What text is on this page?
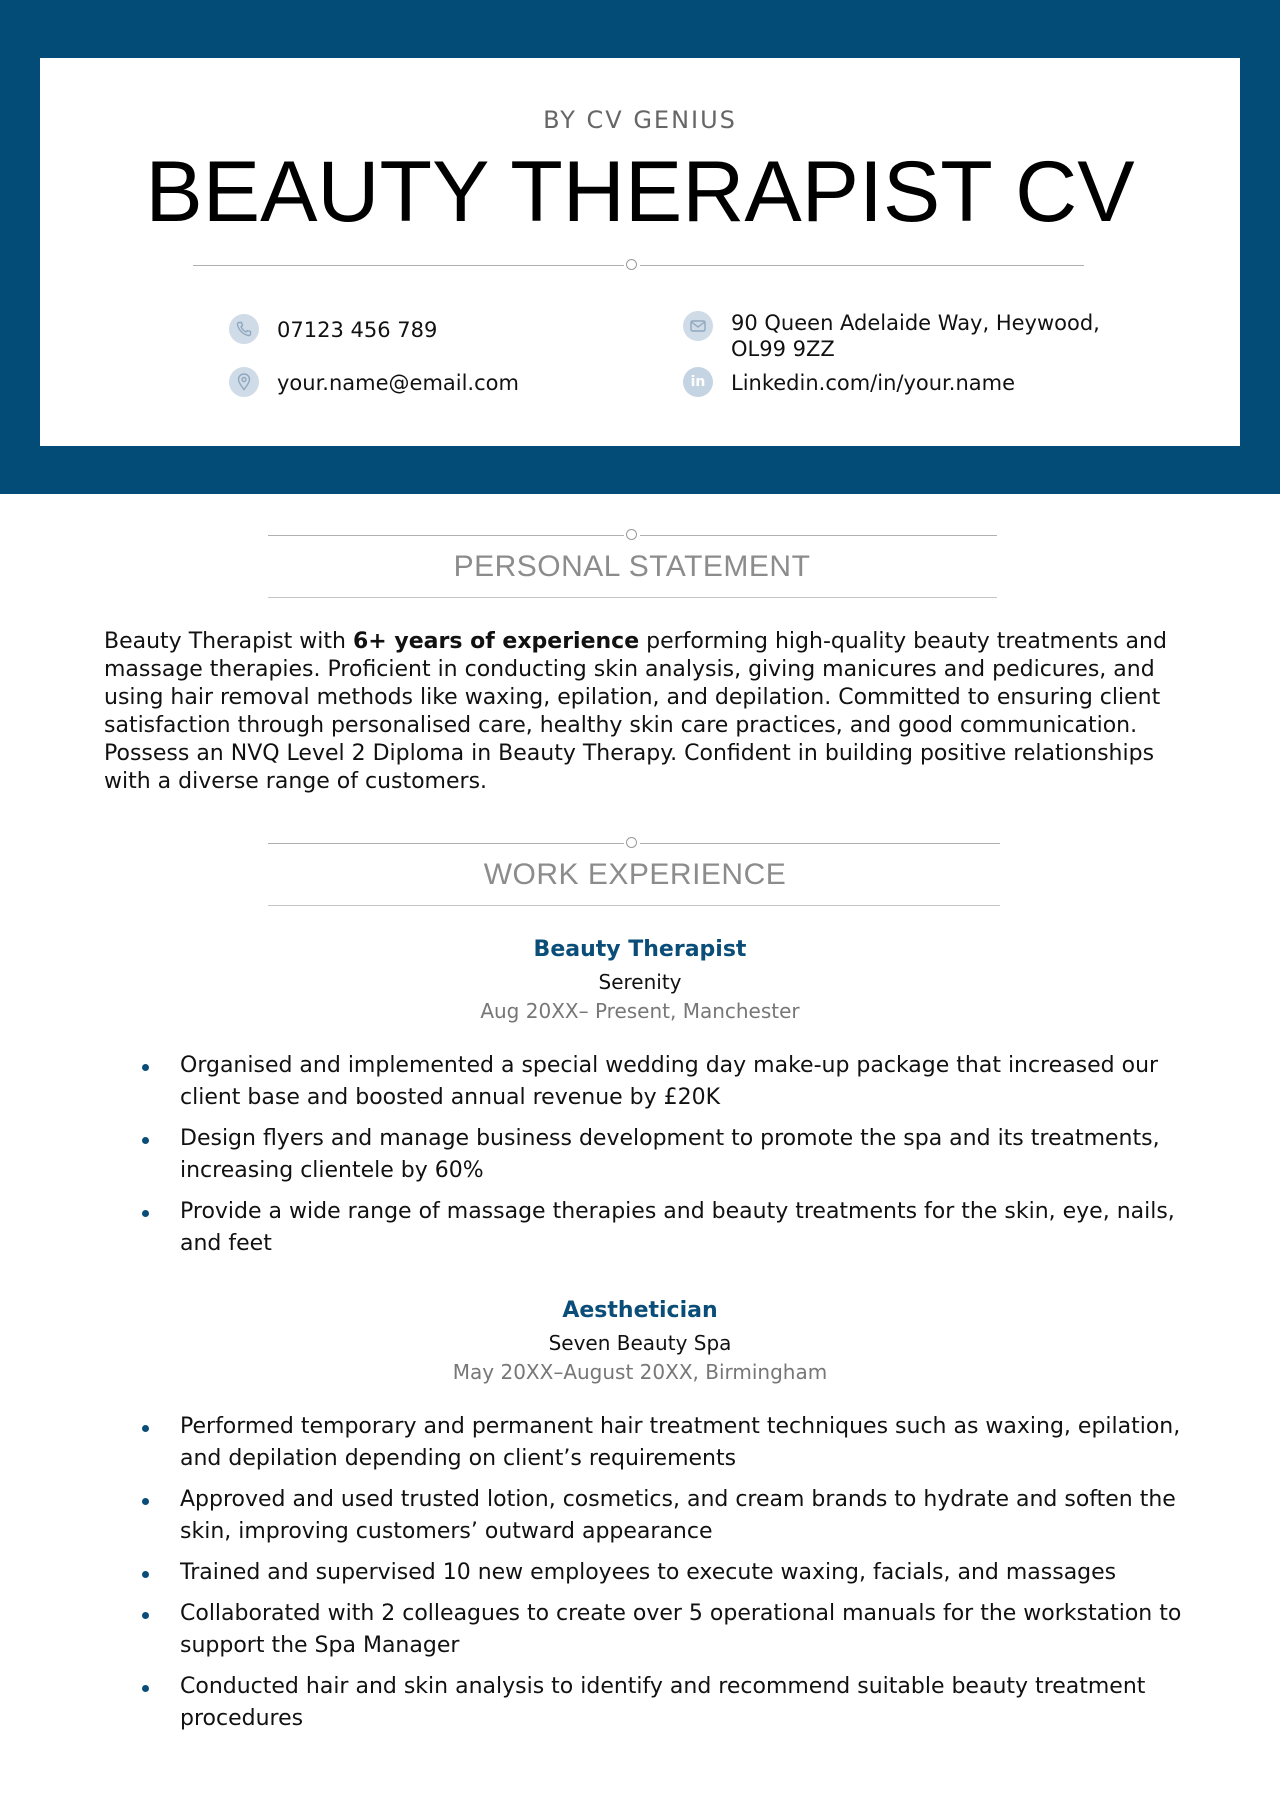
BY CV GENIUS
BEAUTY THERAPIST CV
07123 456 789
your.name@email.com
90 Queen Adelaide Way, Heywood,
OL99 9ZZ
in	Linkedin.com/in/your.name
PERSONAL STATEMENT
Beauty Therapist with 6+ years of experience performing high-quality beauty treatments and massage therapies. Proficient in conducting skin analysis, giving manicures and pedicures, and using hair removal methods like waxing, epilation, and depilation. Committed to ensuring client satisfaction through personalised care, healthy skin care practices, and good communication. Possess an NVQ Level 2 Diploma in Beauty Therapy. Confident in building positive relationships with a diverse range of customers.
WORK EXPERIENCE
Beauty Therapist
Serenity
Aug 20XX– Present, Manchester
Organised and implemented a special wedding day make-up package that increased our client base and boosted annual revenue by £20K
Design flyers and manage business development to promote the spa and its treatments, increasing clientele by 60%
Provide a wide range of massage therapies and beauty treatments for the skin, eye, nails, and feet
Aesthetician
Seven Beauty Spa
May 20XX–August 20XX, Birmingham
Performed temporary and permanent hair treatment techniques such as waxing, epilation, and depilation depending on client’s requirements
Approved and used trusted lotion, cosmetics, and cream brands to hydrate and soften the skin, improving customers’ outward appearance
Trained and supervised 10 new employees to execute waxing, facials, and massages
Collaborated with 2 colleagues to create over 5 operational manuals for the workstation to support the Spa Manager
Conducted hair and skin analysis to identify and recommend suitable beauty treatment procedures
